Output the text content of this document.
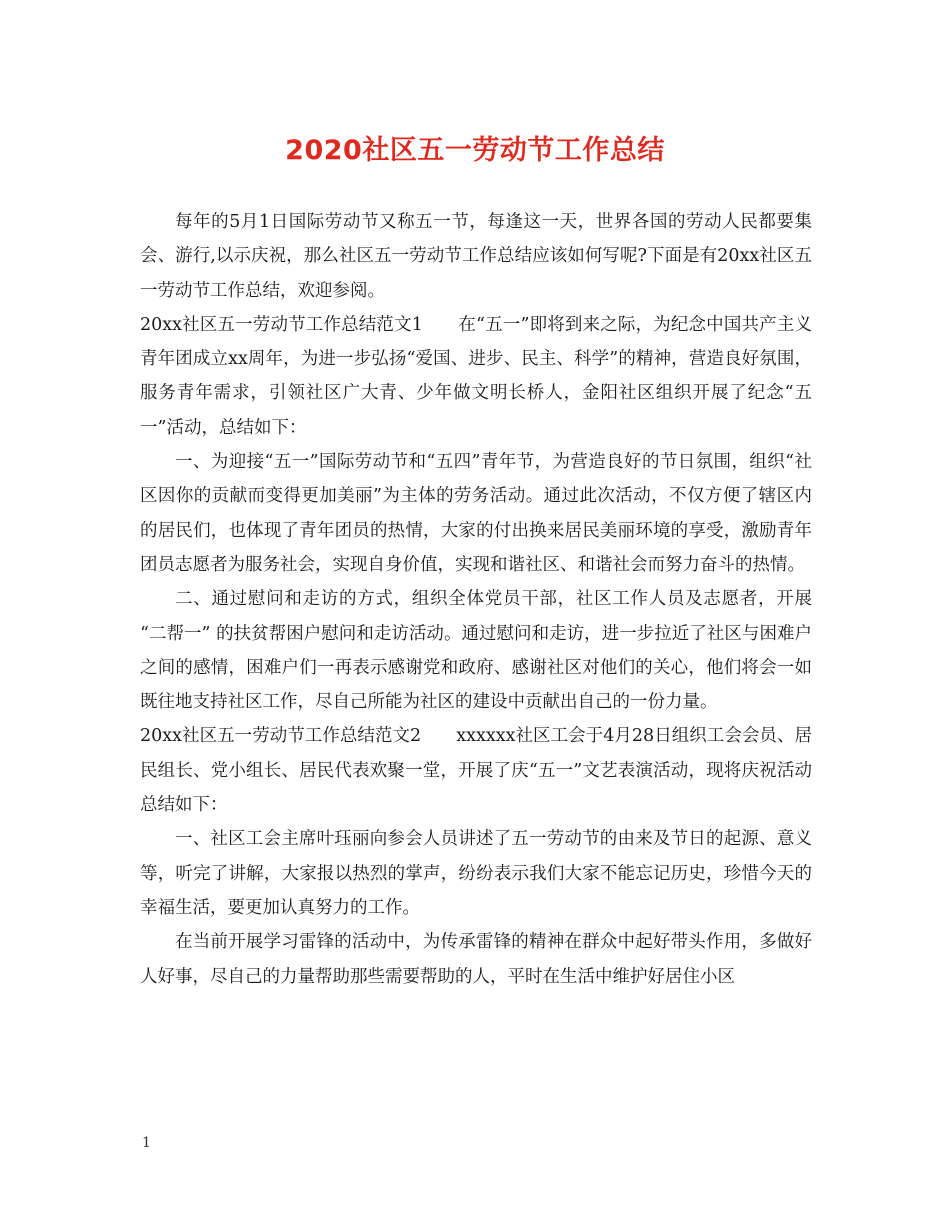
2020社区五一劳动节工作总结

每年的5月1日国际劳动节又称五一节，每逢这一天，世界各国的劳动人民都要集会、游行,以示庆祝，那么社区五一劳动节工作总结应该如何写呢?下面是有20xx社区五一劳动节工作总结，欢迎参阅。

20xx社区五一劳动节工作总结范文1　　在“五一”即将到来之际，为纪念中国共产主义青年团成立xx周年，为进一步弘扬“爱国、进步、民主、科学”的精神，营造良好氛围，服务青年需求，引领社区广大青、少年做文明长桥人，金阳社区组织开展了纪念“五一”活动，总结如下：

一、为迎接“五一”国际劳动节和“五四”青年节，为营造良好的节日氛围，组织“社区因你的贡献而变得更加美丽”为主体的劳务活动。通过此次活动，不仅方便了辖区内的居民们，也体现了青年团员的热情，大家的付出换来居民美丽环境的享受，激励青年团员志愿者为服务社会，实现自身价值，实现和谐社区、和谐社会而努力奋斗的热情。

二、通过慰问和走访的方式，组织全体党员干部，社区工作人员及志愿者，开展 “二帮一” 的扶贫帮困户慰问和走访活动。通过慰问和走访，进一步拉近了社区与困难户之间的感情，困难户们一再表示感谢党和政府、感谢社区对他们的关心，他们将会一如既往地支持社区工作，尽自己所能为社区的建设中贡献出自己的一份力量。

20xx社区五一劳动节工作总结范文2　　xxxxxx社区工会于4月28日组织工会会员、居民组长、党小组长、居民代表欢聚一堂，开展了庆“五一”文艺表演活动，现将庆祝活动总结如下：

一、社区工会主席叶珏丽向参会人员讲述了五一劳动节的由来及节日的起源、意义等，听完了讲解，大家报以热烈的掌声，纷纷表示我们大家不能忘记历史，珍惜今天的幸福生活，要更加认真努力的工作。

在当前开展学习雷锋的活动中，为传承雷锋的精神在群众中起好带头作用，多做好人好事，尽自己的力量帮助那些需要帮助的人，平时在生活中维护好居住小区

1
